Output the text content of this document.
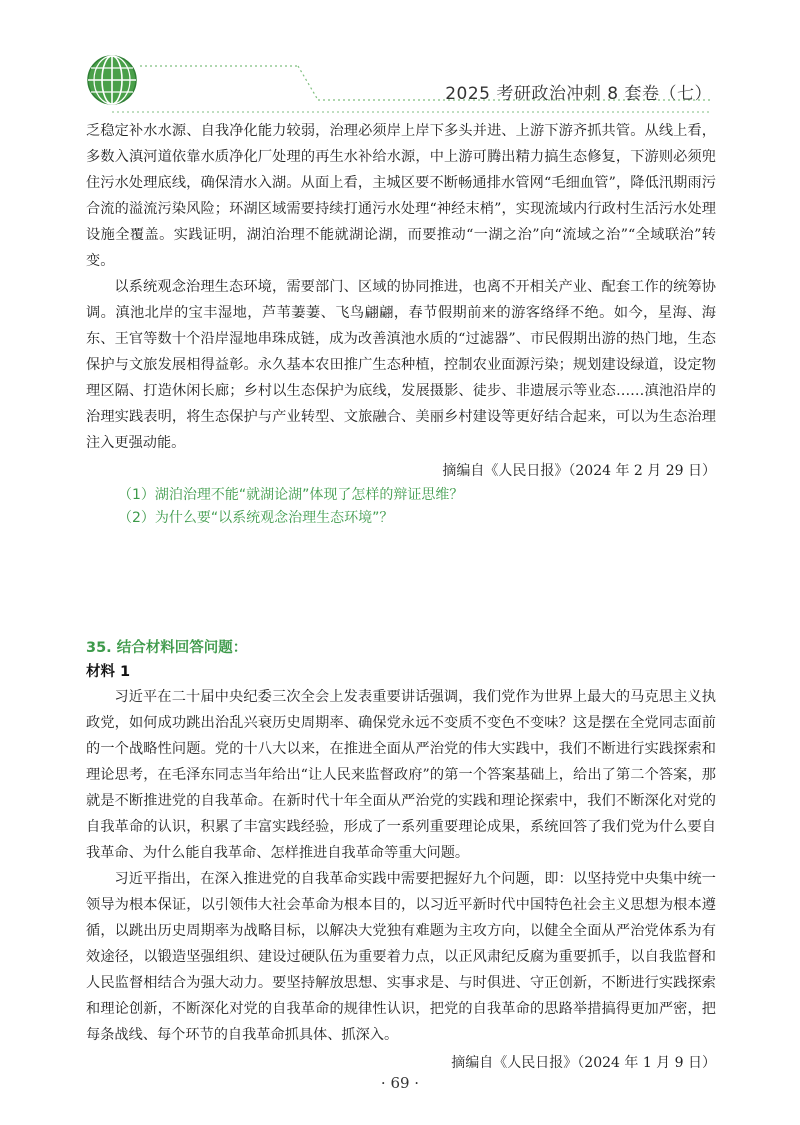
2025 考研政治冲刺 8 套卷（七）

乏稳定补水水源、自我净化能力较弱，治理必须岸上岸下多头并进、上游下游齐抓共管。从线上看，多数入滇河道依靠水质净化厂处理的再生水补给水源，中上游可腾出精力搞生态修复，下游则必须兜住污水处理底线，确保清水入湖。从面上看，主城区要不断畅通排水管网“毛细血管”，降低汛期雨污合流的溢流污染风险；环湖区域需要持续打通污水处理“神经末梢”，实现流域内行政村生活污水处理设施全覆盖。实践证明，湖泊治理不能就湖论湖，而要推动“一湖之治”向“流域之治”“全域联治”转变。

以系统观念治理生态环境，需要部门、区域的协同推进，也离不开相关产业、配套工作的统筹协调。滇池北岸的宝丰湿地，芦苇萋萋、飞鸟翩翩，春节假期前来的游客络绎不绝。如今，星海、海东、王官等数十个沿岸湿地串珠成链，成为改善滇池水质的“过滤器”、市民假期出游的热门地，生态保护与文旅发展相得益彰。永久基本农田推广生态种植，控制农业面源污染；规划建设绿道，设定物理区隔、打造休闲长廊；乡村以生态保护为底线，发展摄影、徒步、非遗展示等业态……滇池沿岸的治理实践表明，将生态保护与产业转型、文旅融合、美丽乡村建设等更好结合起来，可以为生态治理注入更强动能。

摘编自《人民日报》（2024 年 2 月 29 日）

（1）湖泊治理不能“就湖论湖”体现了怎样的辩证思维？
（2）为什么要“以系统观念治理生态环境”？
35. 结合材料回答问题：
材料 1

习近平在二十届中央纪委三次全会上发表重要讲话强调，我们党作为世界上最大的马克思主义执政党，如何成功跳出治乱兴衰历史周期率、确保党永远不变质不变色不变味？这是摆在全党同志面前的一个战略性问题。党的十八大以来，在推进全面从严治党的伟大实践中，我们不断进行实践探索和理论思考，在毛泽东同志当年给出“让人民来监督政府”的第一个答案基础上，给出了第二个答案，那就是不断推进党的自我革命。在新时代十年全面从严治党的实践和理论探索中，我们不断深化对党的自我革命的认识，积累了丰富实践经验，形成了一系列重要理论成果，系统回答了我们党为什么要自我革命、为什么能自我革命、怎样推进自我革命等重大问题。

习近平指出，在深入推进党的自我革命实践中需要把握好九个问题，即：以坚持党中央集中统一领导为根本保证，以引领伟大社会革命为根本目的，以习近平新时代中国特色社会主义思想为根本遵循，以跳出历史周期率为战略目标，以解决大党独有难题为主攻方向，以健全全面从严治党体系为有效途径，以锻造坚强组织、建设过硬队伍为重要着力点，以正风肃纪反腐为重要抓手，以自我监督和人民监督相结合为强大动力。要坚持解放思想、实事求是、与时俱进、守正创新，不断进行实践探索和理论创新，不断深化对党的自我革命的规律性认识，把党的自我革命的思路举措搞得更加严密，把每条战线、每个环节的自我革命抓具体、抓深入。

摘编自《人民日报》（2024 年 1 月 9 日）

· 69 ·
